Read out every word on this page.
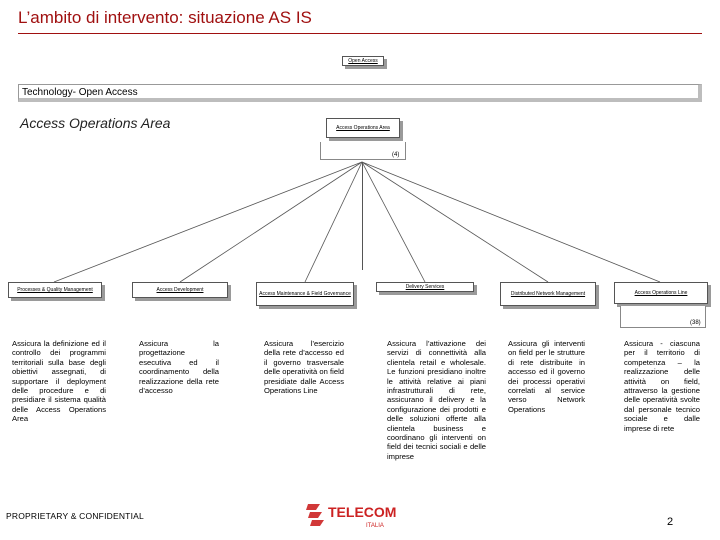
L’ambito di intervento: situazione AS IS
Open Access
Technology- Open Access
Access Operations Area	Access Operations Area
(4)
Processes & Quality Management	Access Development
Access Maintenance & Field Governance
Delivery Services
Distributed Network Management	Access Operations Line
(38)
Assicura la definizione ed il controllo dei programmi territoriali sulla base degli obiettivi assegnati, di supportare il deployment delle procedure e di presidiare il sistema qualità delle Access Operations Area
Assicura la progettazione esecutiva ed il coordinamento della realizzazione della rete d’accesso
Assicura l’esercizio della rete d’accesso ed il governo trasversale delle operatività on field presidiate dalle Access Operations Line
Assicura l’attivazione dei servizi di connettività alla clientela retail e wholesale. Le funzioni presidiano inoltre le attività relative ai piani infrastrutturali di rete, assicurano il delivery e la configurazione dei prodotti e delle soluzioni offerte alla clientela business e coordinano gli interventi on field dei tecnici sociali e delle imprese
Assicura gli interventi on field per le strutture di rete distribuite in accesso ed il governo dei processi operativi correlati al service verso Network Operations
Assicura - ciascuna per il territorio di competenza – la realizzazione delle attività on field, attraverso la gestione delle operatività svolte dal personale tecnico sociale e dalle imprese di rete
PROPRIETARY & CONFIDENTIAL	TELECOM
ITALIA	2
